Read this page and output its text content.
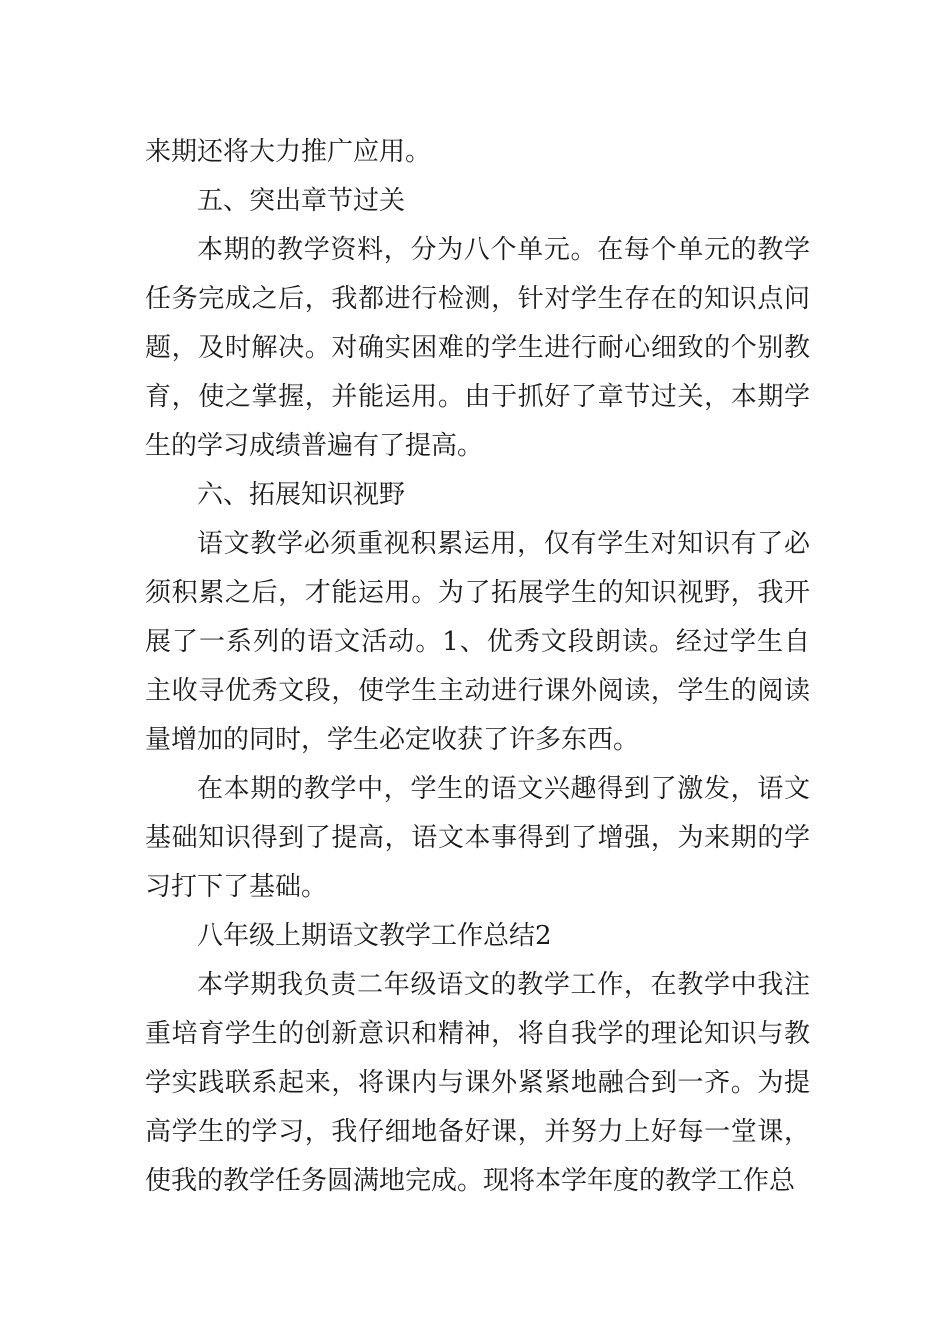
来期还将大力推广应用。

五、突出章节过关

本期的教学资料，分为八个单元。在每个单元的教学任务完成之后，我都进行检测，针对学生存在的知识点问题，及时解决。对确实困难的学生进行耐心细致的个别教育，使之掌握，并能运用。由于抓好了章节过关，本期学生的学习成绩普遍有了提高。

六、拓展知识视野

语文教学必须重视积累运用，仅有学生对知识有了必须积累之后，才能运用。为了拓展学生的知识视野，我开展了一系列的语文活动。1、优秀文段朗读。经过学生自主收寻优秀文段，使学生主动进行课外阅读，学生的阅读量增加的同时，学生必定收获了许多东西。

在本期的教学中，学生的语文兴趣得到了激发，语文基础知识得到了提高，语文本事得到了增强，为来期的学习打下了基础。

八年级上期语文教学工作总结2

本学期我负责二年级语文的教学工作，在教学中我注重培育学生的创新意识和精神，将自我学的理论知识与教学实践联系起来，将课内与课外紧紧地融合到一齐。为提高学生的学习，我仔细地备好课，并努力上好每一堂课，使我的教学任务圆满地完成。现将本学年度的教学工作总
